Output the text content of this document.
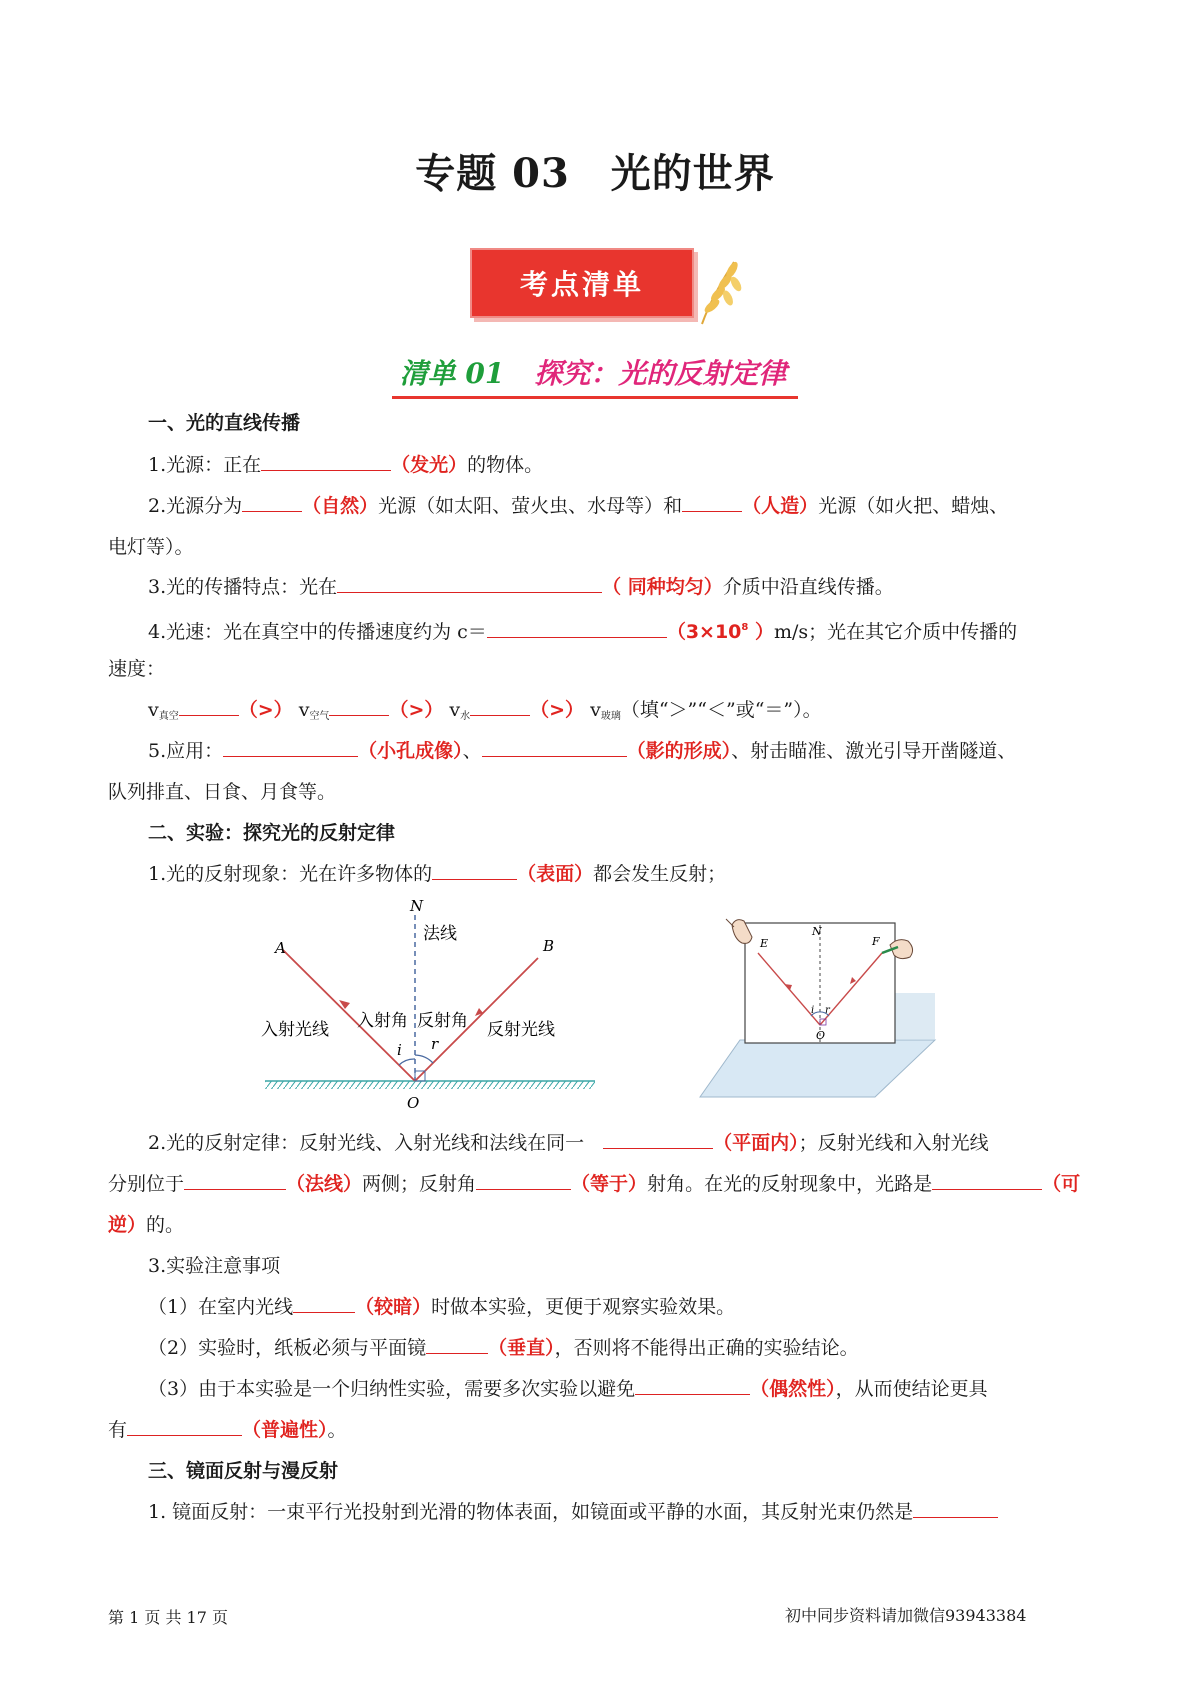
专题 03　光的世界
考点清单
清单 01 探究：光的反射定律
一、光的直线传播
1.光源：正在	（发光）的物体。
2.光源分为	（自然）光源（如太阳、萤火虫、水母等）和	（人造）光源（如火把、蜡烛、
电灯等）。
3.光的传播特点：光在	（ 同种均匀）介质中沿直线传播。
4.光速：光在真空中的传播速度约为 c＝	（$3\times 10^8$ ）m/s；光在其它介质中传播的
速度：
$v_{真空}$	（>） $v_{空气}$	（>） $v_水$	（>） $v_{玻璃}$（填“＞”“＜”或“＝”）。
5.应用：	（小孔成像）、	（影的形成）、射击瞄准、激光引导开凿隧道、
队列排直、日食、月食等。
二、实验：探究光的反射定律
1.光的反射现象：光在许多物体的	（表面）都会发生反射；
N
法线
A	B
入射光线 入射角 反射角 反射光线
i r
O
N
E	F
i r
O
2.光的反射定律：反射光线、入射光线和法线在同一　	（平面内）；反射光线和入射光线
分别位于	（法线）两侧；反射角	（等于）射角。在光的反射现象中，光路是	（可
逆）的。
3.实验注意事项
（1）在室内光线	（较暗）时做本实验，更便于观察实验效果。
（2）实验时，纸板必须与平面镜	（垂直），否则将不能得出正确的实验结论。
（3）由于本实验是一个归纳性实验，需要多次实验以避免	（偶然性），从而使结论更具
有	（普遍性）。
三、镜面反射与漫反射
1. 镜面反射：一束平行光投射到光滑的物体表面，如镜面或平静的水面，其反射光束仍然是
第 1 页 共 17 页	初中同步资料请加微信93943384
